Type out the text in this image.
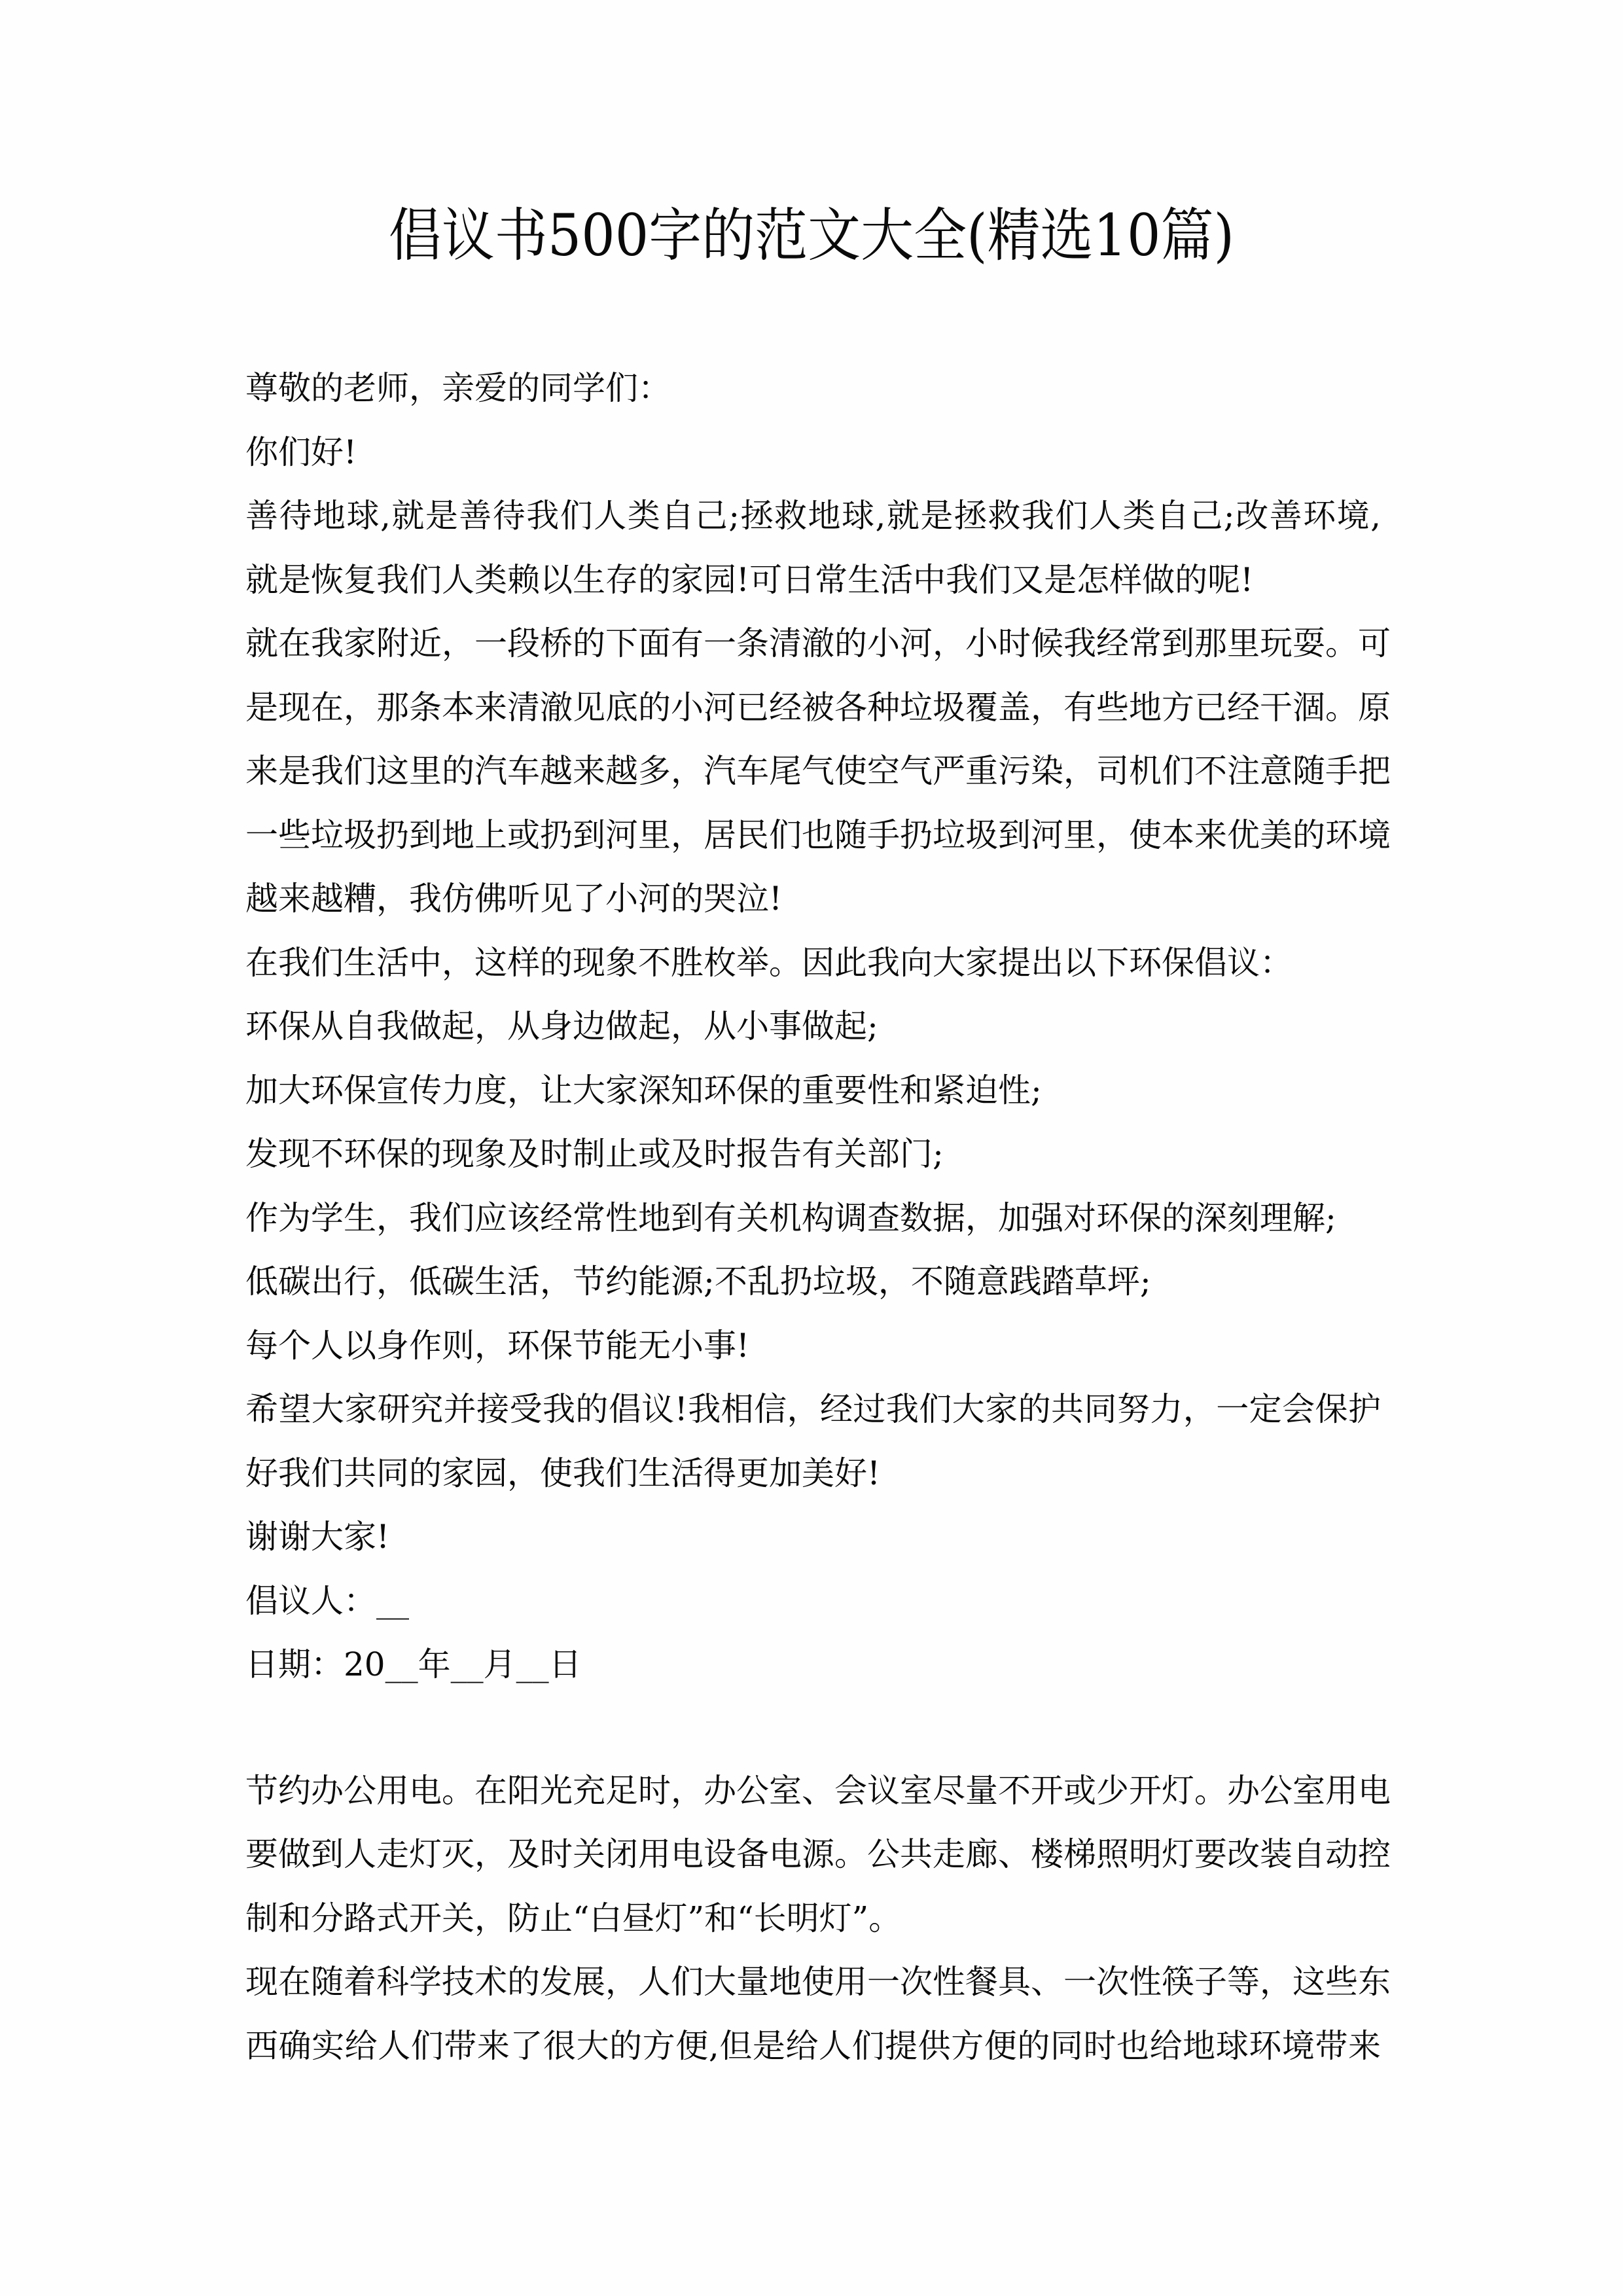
倡议书500字的范文大全(精选10篇)

尊敬的老师，亲爱的同学们：

你们好!

善待地球,就是善待我们人类自己;拯救地球,就是拯救我们人类自己;改善环境,

就是恢复我们人类赖以生存的家园!可日常生活中我们又是怎样做的呢!

就在我家附近，一段桥的下面有一条清澈的小河，小时候我经常到那里玩耍。可

是现在，那条本来清澈见底的小河已经被各种垃圾覆盖，有些地方已经干涸。原

来是我们这里的汽车越来越多，汽车尾气使空气严重污染，司机们不注意随手把

一些垃圾扔到地上或扔到河里，居民们也随手扔垃圾到河里，使本来优美的环境

越来越糟，我仿佛听见了小河的哭泣!

在我们生活中，这样的现象不胜枚举。因此我向大家提出以下环保倡议：

环保从自我做起，从身边做起，从小事做起;

加大环保宣传力度，让大家深知环保的重要性和紧迫性;

发现不环保的现象及时制止或及时报告有关部门;

作为学生，我们应该经常性地到有关机构调查数据，加强对环保的深刻理解;

低碳出行，低碳生活，节约能源;不乱扔垃圾，不随意践踏草坪;

每个人以身作则，环保节能无小事!

希望大家研究并接受我的倡议!我相信，经过我们大家的共同努力，一定会保护

好我们共同的家园，使我们生活得更加美好!

谢谢大家!

倡议人：__

日期：20__年__月__日

节约办公用电。在阳光充足时，办公室、会议室尽量不开或少开灯。办公室用电

要做到人走灯灭，及时关闭用电设备电源。公共走廊、楼梯照明灯要改装自动控

制和分路式开关，防止“白昼灯”和“长明灯”。

现在随着科学技术的发展，人们大量地使用一次性餐具、一次性筷子等，这些东

西确实给人们带来了很大的方便,但是给人们提供方便的同时也给地球环境带来
